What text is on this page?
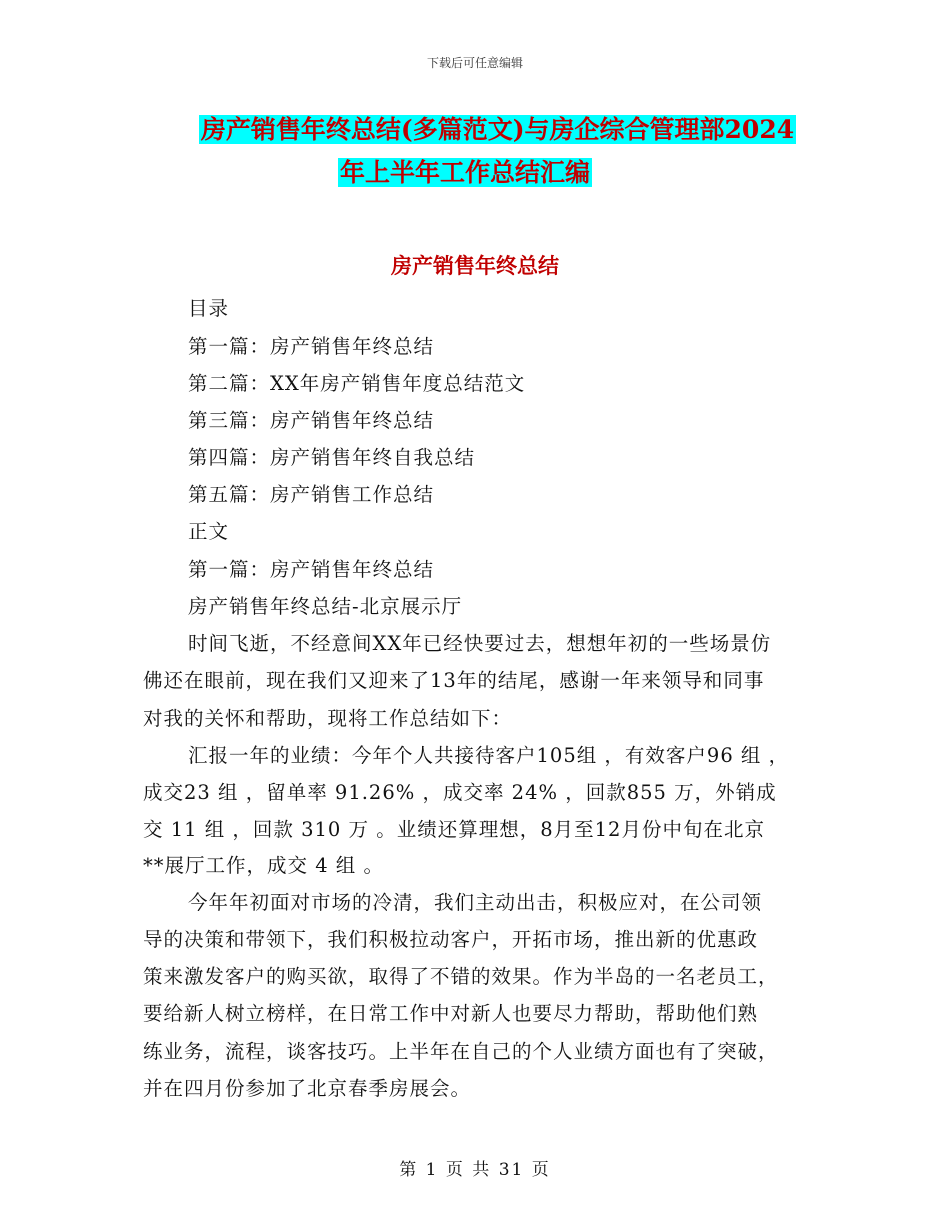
下载后可任意编辑
房产销售年终总结(多篇范文)与房企综合管理部2024
年上半年工作总结汇编
房产销售年终总结
目录
第一篇：房产销售年终总结
第二篇：XX年房产销售年度总结范文
第三篇：房产销售年终总结
第四篇：房产销售年终自我总结
第五篇：房产销售工作总结
正文
第一篇：房产销售年终总结
房产销售年终总结-北京展示厅
时间飞逝，不经意间XX年已经快要过去，想想年初的一些场景仿
佛还在眼前，现在我们又迎来了13年的结尾，感谢一年来领导和同事
对我的关怀和帮助，现将工作总结如下：
汇报一年的业绩：今年个人共接待客户105组 ，有效客户96 组 ，
成交23 组 ，留单率 91.26% ，成交率 24% ，回款855 万，外销成
交 11 组 ，回款 310 万 。业绩还算理想，8月至12月份中旬在北京
**展厅工作，成交 4 组 。
今年年初面对市场的冷清，我们主动出击，积极应对，在公司领
导的决策和带领下，我们积极拉动客户，开拓市场，推出新的优惠政
策来激发客户的购买欲，取得了不错的效果。作为半岛的一名老员工，
要给新人树立榜样，在日常工作中对新人也要尽力帮助，帮助他们熟
练业务，流程，谈客技巧。上半年在自己的个人业绩方面也有了突破，
并在四月份参加了北京春季房展会。
第 1 页 共 31 页
